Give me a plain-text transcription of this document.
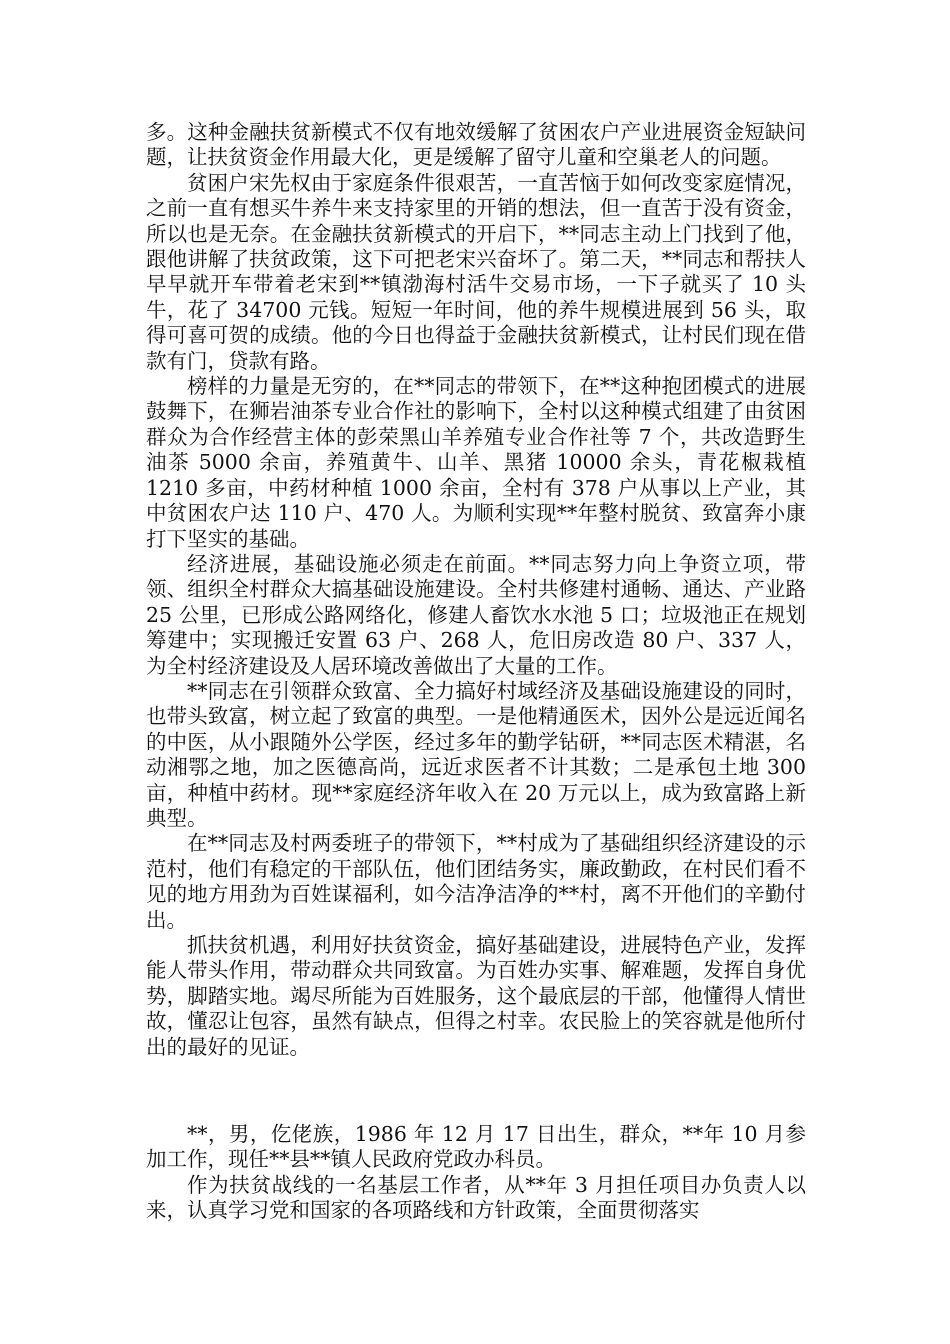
多。这种金融扶贫新模式不仅有地效缓解了贫困农户产业进展资金短缺问题，让扶贫资金作用最大化，更是缓解了留守儿童和空巢老人的问题。

贫困户宋先权由于家庭条件很艰苦，一直苦恼于如何改变家庭情况，之前一直有想买牛养牛来支持家里的开销的想法，但一直苦于没有资金，所以也是无奈。在金融扶贫新模式的开启下，**同志主动上门找到了他，跟他讲解了扶贫政策，这下可把老宋兴奋坏了。第二天，**同志和帮扶人早早就开车带着老宋到**镇渤海村活牛交易市场，一下子就买了 10 头牛，花了 34700 元钱。短短一年时间，他的养牛规模进展到 56 头，取得可喜可贺的成绩。他的今日也得益于金融扶贫新模式，让村民们现在借款有门，贷款有路。

榜样的力量是无穷的，在**同志的带领下，在**这种抱团模式的进展鼓舞下，在狮岩油茶专业合作社的影响下，全村以这种模式组建了由贫困群众为合作经营主体的彭荣黑山羊养殖专业合作社等 7 个，共改造野生油茶 5000 余亩，养殖黄牛、山羊、黑猪 10000 余头，青花椒栽植 1210 多亩，中药材种植 1000 余亩，全村有 378 户从事以上产业，其中贫困农户达 110 户、470 人。为顺利实现**年整村脱贫、致富奔小康打下坚实的基础。

经济进展，基础设施必须走在前面。**同志努力向上争资立项，带领、组织全村群众大搞基础设施建设。全村共修建村通畅、通达、产业路 25 公里，已形成公路网络化，修建人畜饮水水池 5 口；垃圾池正在规划筹建中；实现搬迁安置 63 户、268 人，危旧房改造 80 户、337 人，为全村经济建设及人居环境改善做出了大量的工作。

**同志在引领群众致富、全力搞好村域经济及基础设施建设的同时，也带头致富，树立起了致富的典型。一是他精通医术，因外公是远近闻名的中医，从小跟随外公学医，经过多年的勤学钻研，**同志医术精湛，名动湘鄂之地，加之医德高尚，远近求医者不计其数；二是承包土地 300 亩，种植中药材。现**家庭经济年收入在 20 万元以上，成为致富路上新典型。

在**同志及村两委班子的带领下，**村成为了基础组织经济建设的示范村，他们有稳定的干部队伍，他们团结务实，廉政勤政，在村民们看不见的地方用劲为百姓谋福利，如今洁净洁净的**村，离不开他们的辛勤付出。

抓扶贫机遇，利用好扶贫资金，搞好基础建设，进展特色产业，发挥能人带头作用，带动群众共同致富。为百姓办实事、解难题，发挥自身优势，脚踏实地。竭尽所能为百姓服务，这个最底层的干部，他懂得人情世故，懂忍让包容，虽然有缺点，但得之村幸。农民脸上的笑容就是他所付出的最好的见证。

**，男，仡佬族，1986 年 12 月 17 日出生，群众，**年 10 月参加工作，现任**县**镇人民政府党政办科员。

作为扶贫战线的一名基层工作者，从**年 3 月担任项目办负责人以来，认真学习党和国家的各项路线和方针政策，全面贯彻落实
